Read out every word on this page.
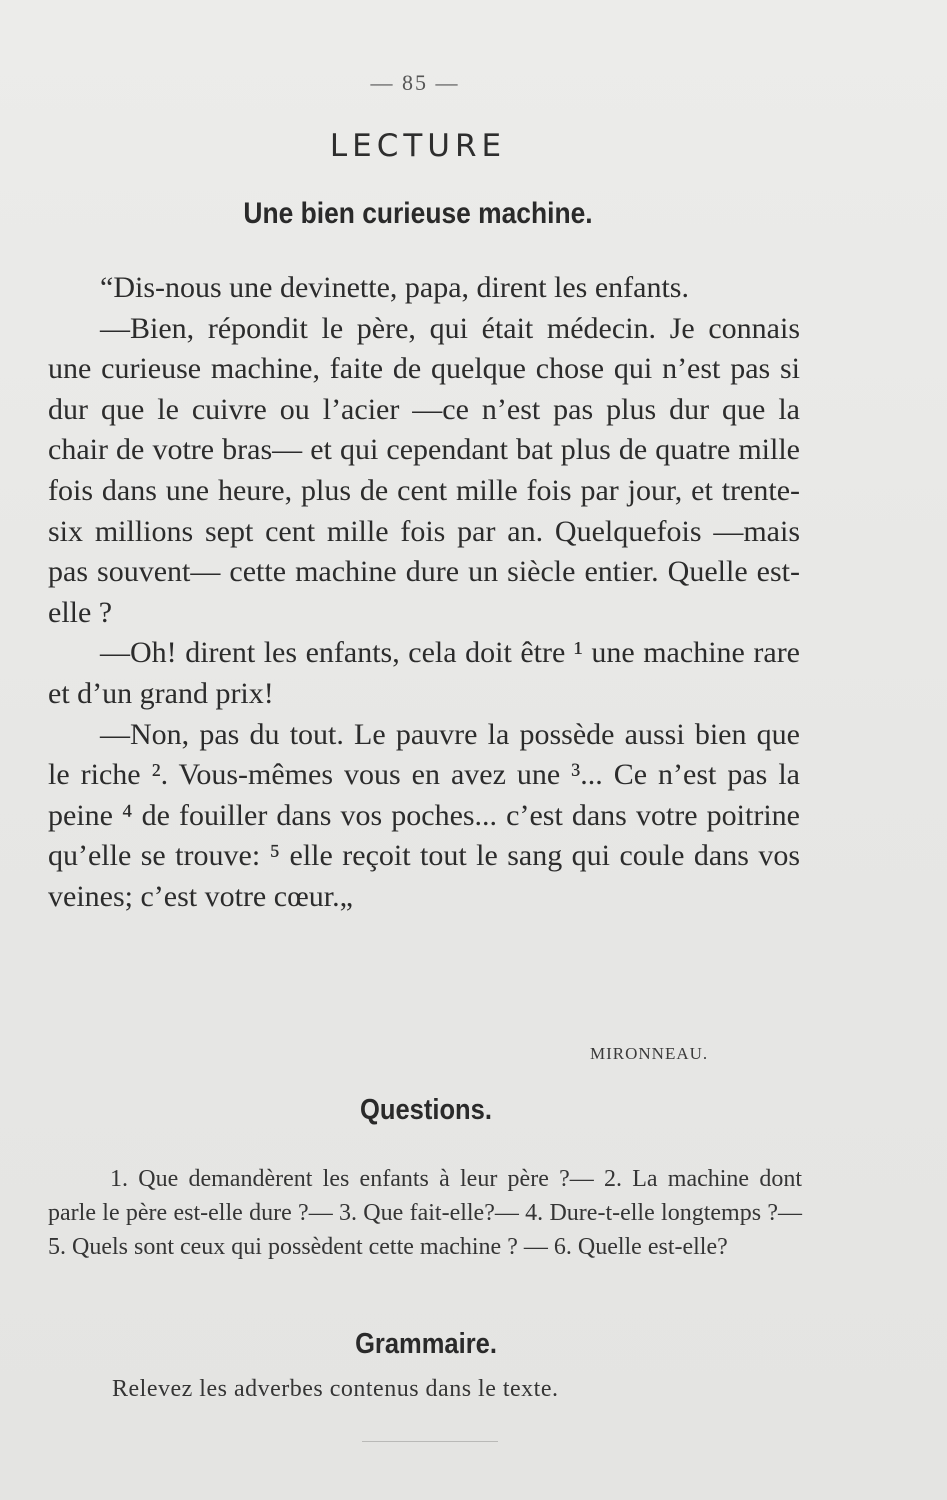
— 85 —
LECTURE
Une bien curieuse machine.

“Dis-nous une devinette, papa, dirent les enfants.

—Bien, répondit le père, qui était médecin. Je connais une curieuse machine, faite de quelque chose qui n’est pas si dur que le cuivre ou l’acier —ce n’est pas plus dur que la chair de votre bras— et qui cependant bat plus de quatre mille fois dans une heure, plus de cent mille fois par jour, et trente-six millions sept cent mille fois par an. Quelquefois —mais pas souvent— cette machine dure un siècle entier. Quelle est-elle ?

—Oh! dirent les enfants, cela doit être ¹ une machine rare et d’un grand prix!

—Non, pas du tout. Le pauvre la possède aussi bien que le riche ². Vous-mêmes vous en avez une ³... Ce n’est pas la peine ⁴ de fouiller dans vos poches... c’est dans votre poitrine qu’elle se trouve: ⁵ elle reçoit tout le sang qui coule dans vos veines; c’est votre cœur.„

MIRONNEAU.
Questions.
1. Que demandèrent les enfants à leur père ?— 2. La machine dont parle le père est-elle dure ?— 3. Que fait-elle?— 4. Dure-t-elle longtemps ?— 5. Quels sont ceux qui possèdent cette machine ? — 6. Quelle est-elle?
Grammaire.
Relevez les adverbes contenus dans le texte.
